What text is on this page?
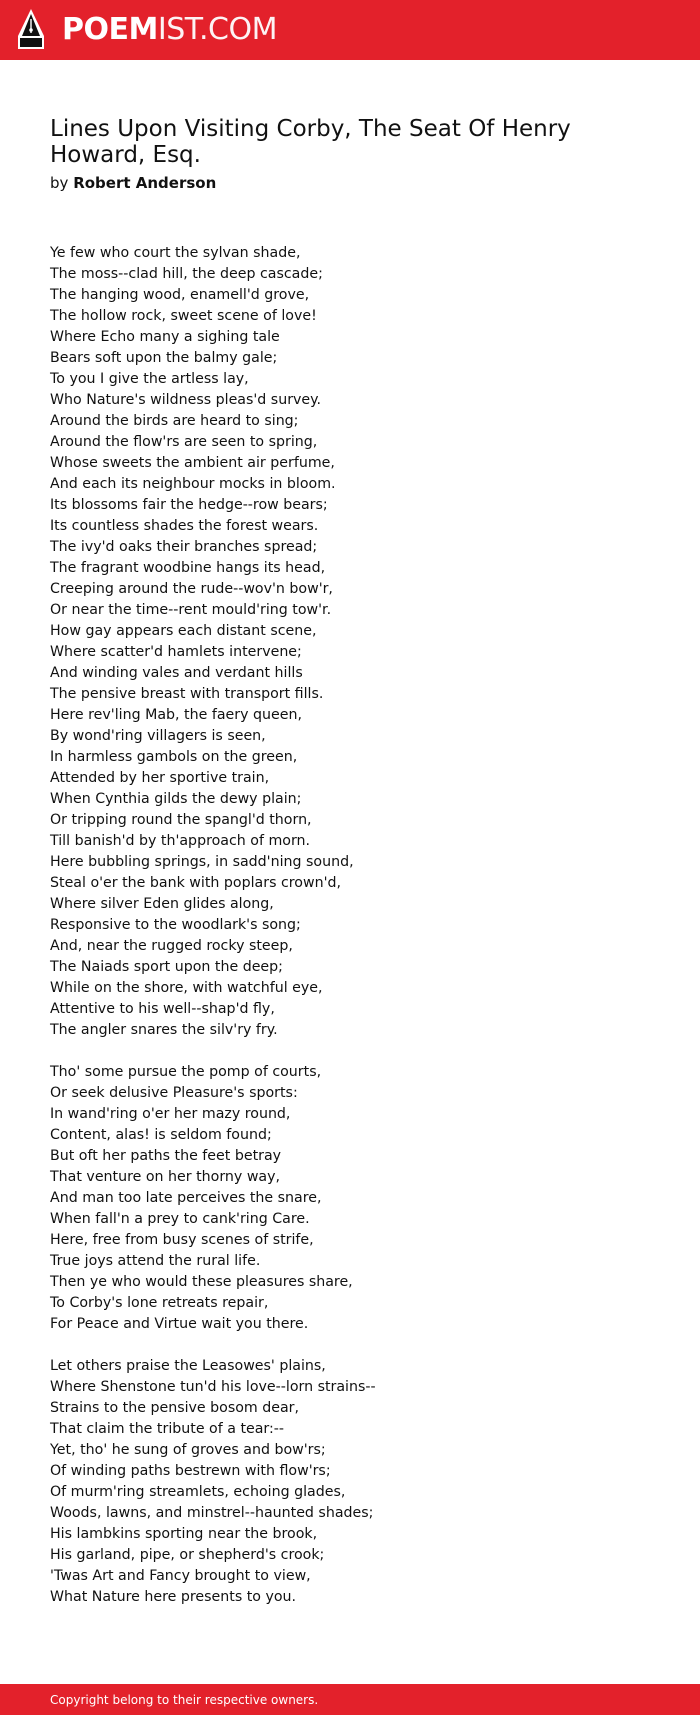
POEMIST.COM
Lines Upon Visiting Corby, The Seat Of Henry Howard, Esq.
by Robert Anderson
Ye few who court the sylvan shade,
The moss--clad hill, the deep cascade;
The hanging wood, enamell'd grove,
The hollow rock, sweet scene of love!
Where Echo many a sighing tale
Bears soft upon the balmy gale;
To you I give the artless lay,
Who Nature's wildness pleas'd survey.
Around the birds are heard to sing;
Around the flow'rs are seen to spring,
Whose sweets the ambient air perfume,
And each its neighbour mocks in bloom.
Its blossoms fair the hedge--row bears;
Its countless shades the forest wears.
The ivy'd oaks their branches spread;
The fragrant woodbine hangs its head,
Creeping around the rude--wov'n bow'r,
Or near the time--rent mould'ring tow'r.
How gay appears each distant scene,
Where scatter'd hamlets intervene;
And winding vales and verdant hills
The pensive breast with transport fills.
Here rev'ling Mab, the faery queen,
By wond'ring villagers is seen,
In harmless gambols on the green,
Attended by her sportive train,
When Cynthia gilds the dewy plain;
Or tripping round the spangl'd thorn,
Till banish'd by th'approach of morn.
Here bubbling springs, in sadd'ning sound,
Steal o'er the bank with poplars crown'd,
Where silver Eden glides along,
Responsive to the woodlark's song;
And, near the rugged rocky steep,
The Naiads sport upon the deep;
While on the shore, with watchful eye,
Attentive to his well--shap'd fly,
The angler snares the silv'ry fry.
Tho' some pursue the pomp of courts,
Or seek delusive Pleasure's sports:
In wand'ring o'er her mazy round,
Content, alas! is seldom found;
But oft her paths the feet betray
That venture on her thorny way,
And man too late perceives the snare,
When fall'n a prey to cank'ring Care.
Here, free from busy scenes of strife,
True joys attend the rural life.
Then ye who would these pleasures share,
To Corby's lone retreats repair,
For Peace and Virtue wait you there.
Let others praise the Leasowes' plains,
Where Shenstone tun'd his love--lorn strains--
Strains to the pensive bosom dear,
That claim the tribute of a tear:--
Yet, tho' he sung of groves and bow'rs;
Of winding paths bestrewn with flow'rs;
Of murm'ring streamlets, echoing glades,
Woods, lawns, and minstrel--haunted shades;
His lambkins sporting near the brook,
His garland, pipe, or shepherd's crook;
'Twas Art and Fancy brought to view,
What Nature here presents to you.
Copyright belong to their respective owners.
